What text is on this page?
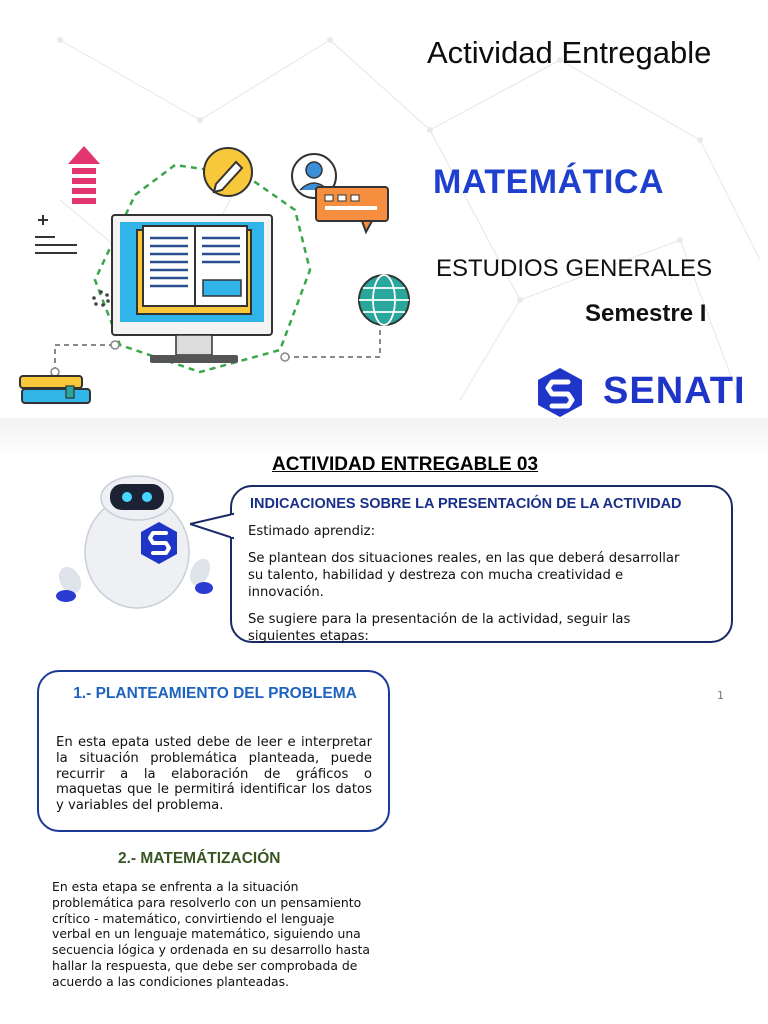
Actividad Entregable
MATEMÁTICA
ESTUDIOS GENERALES
Semestre I
SENATI
ACTIVIDAD ENTREGABLE 03
INDICACIONES SOBRE LA PRESENTACIÓN DE LA ACTIVIDAD
Estimado aprendiz:
Se plantean dos situaciones reales, en las que deberá desarrollar su talento, habilidad y destreza con mucha creatividad e innovación.
Se sugiere para la presentación de la actividad, seguir las siguientes etapas:
1.- PLANTEAMIENTO DEL PROBLEMA
En esta epata usted debe de leer e interpretar la situación problemática planteada, puede recurrir a la elaboración de gráficos o maquetas que le permitirá identificar los datos y variables del problema.
1
2.- MATEMÁTIZACIÓN
En esta etapa se enfrenta a la situación problemática para resolverlo con un pensamiento crítico - matemático, convirtiendo el lenguaje verbal en un lenguaje matemático, siguiendo una secuencia lógica y ordenada en su desarrollo hasta hallar la respuesta, que debe ser comprobada de acuerdo a las condiciones planteadas.
